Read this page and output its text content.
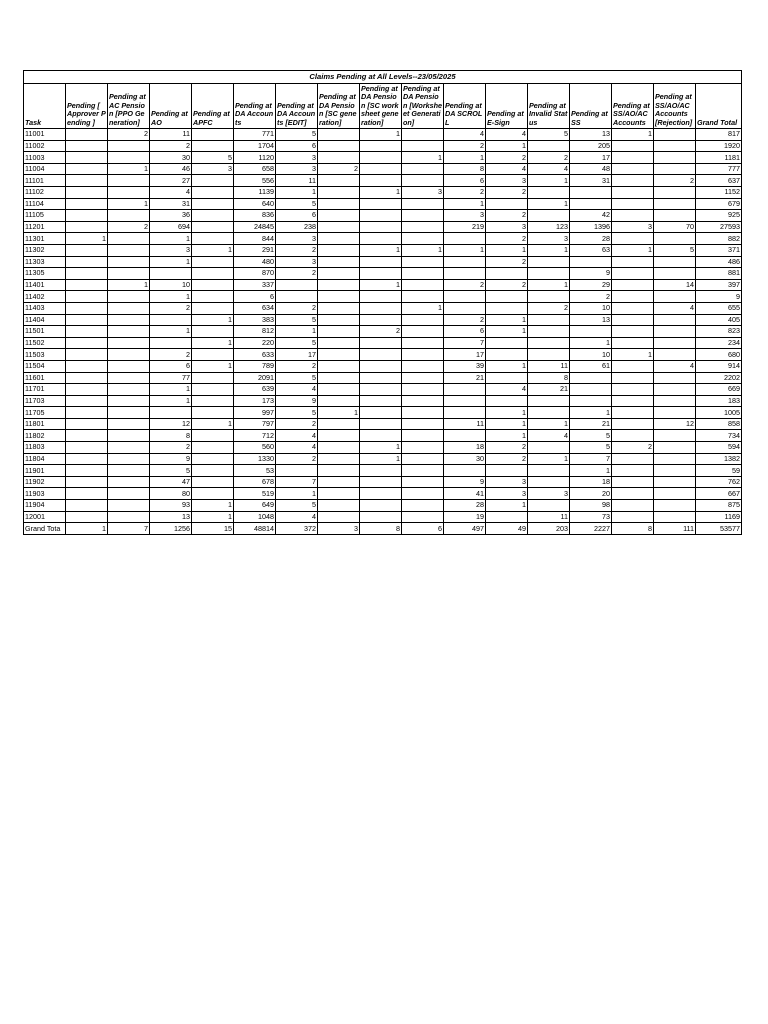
Claims Pending at All Levels--23/05/2025
Task	Pending [ Approver Pending ]	Pending at AC Pension [PPO Generation]	Pending at AO	Pending at APFC	Pending at DA Accounts	Pending at DA Accounts [EDIT]	Pending at DA Pension [SC generation]	Pending at DA Pension [SC worksheet generation]	Pending at DA Pension [Worksheet Generation]	Pending at DA SCROLL	Pending at E-Sign	Pending at Invalid Status	Pending at SS	Pending at SS/AO/AC Accounts	Pending at SS/AO/AC Accounts [Rejection]	Grand Total
11001		2	11		771	5		1		4	4	5	13	1		817
11002			2		1704	6				2	1		205			1920
11003			30	5	1120	3			1	1	2	2	17			1181
11004		1	46	3	658	3	2			8	4	4	48			777
11101			27		556	11				6	3	1	31		2	637
11102			4		1139	1		1	3	2	2					1152
11104		1	31		640	5				1		1				679
11105			36		836	6				3	2		42			925
11201		2	694		24845	238				219	3	123	1396	3	70	27593
11301	1		1		844	3					2	3	28			882
11302			3	1	291	2		1	1	1	1	1	63	1	5	371
11303			1		480	3					2					486
11305					870	2							9			881
11401		1	10		337			1		2	2	1	29		14	397
11402			1		6								2			9
11403			2		634	2			1			2	10		4	655
11404				1	383	5				2	1		13			405
11501			1		812	1		2		6	1					823
11502				1	220	5				7			1			234
11503			2		633	17				17			10	1		680
11504			6	1	789	2				39	1	11	61		4	914
11601			77		2091	5				21		8				2202
11701			1		639	4					4	21				669
11703			1		173	9										183
11705					997	5	1				1		1			1005
11801			12	1	797	2				11	1	1	21		12	858
11802			8		712	4					1	4	5			734
11803			2		560	4		1		18	2		5	2		594
11804			9		1330	2		1		30	2	1	7			1382
11901			5		53								1			59
11902			47		678	7				9	3		18			762
11903			80		519	1				41	3	3	20			667
11904			93	1	649	5				28	1		98			875
12001			13	1	1048	4				19		11	73			1169
Grand Tota	1	7	1256	15	48814	372	3	8	6	497	49	203	2227	8	111	53577
